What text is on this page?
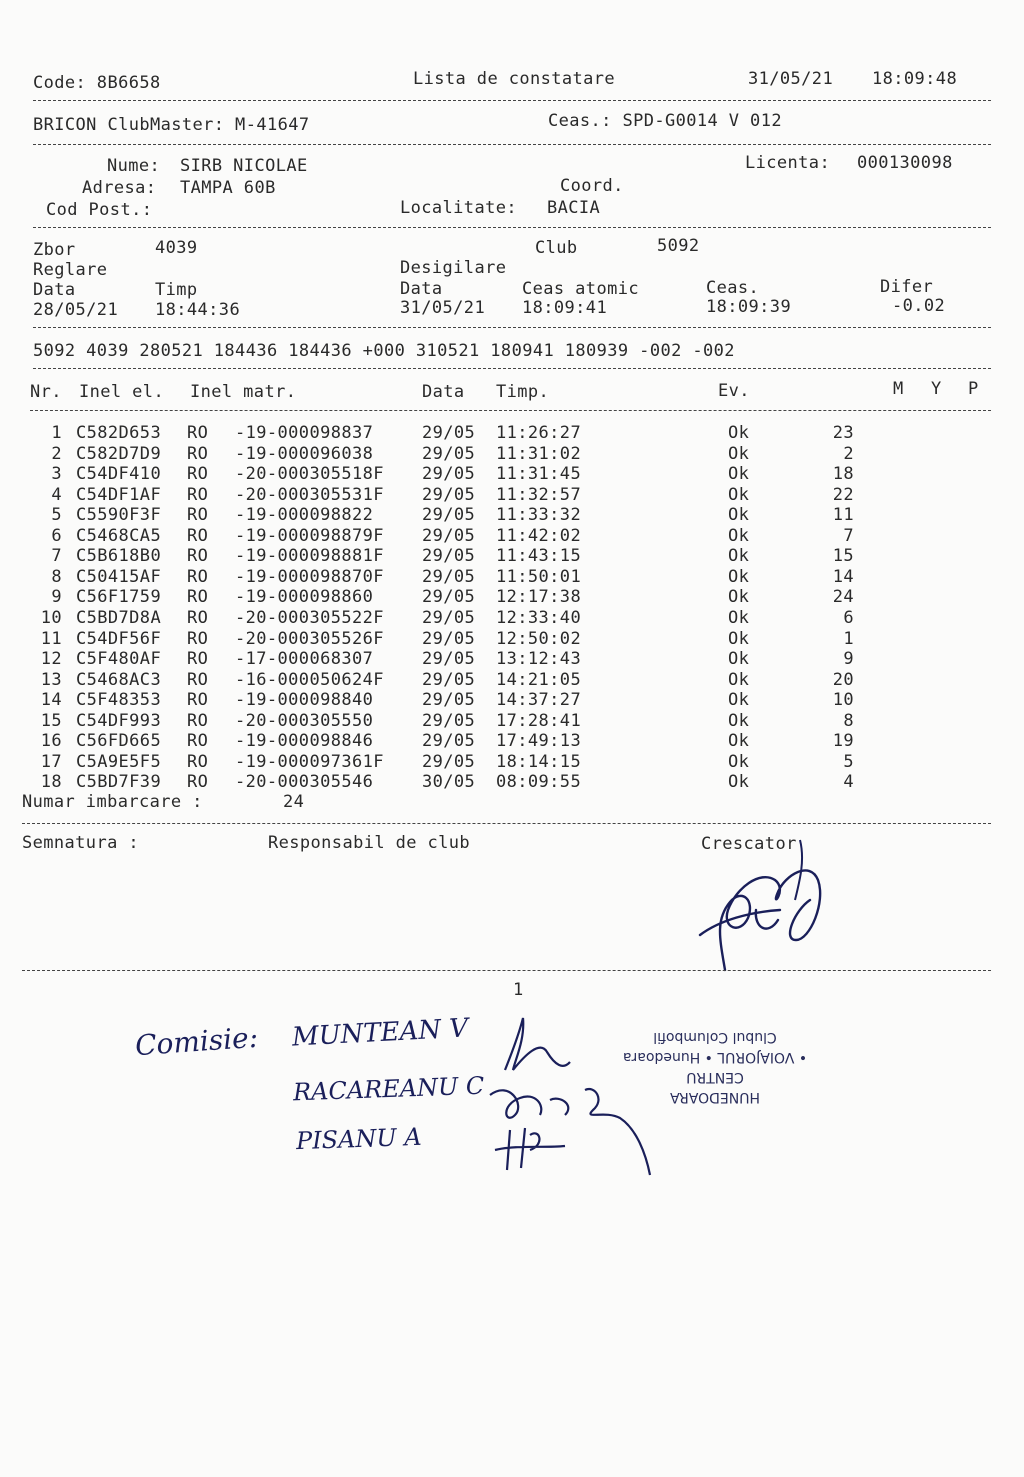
Code: 8B6658	Lista de constatare	31/05/21 18:09:48
BRICON ClubMaster: M-41647	Ceas.: SPD-G0014 V 012
Nume: SIRB NICOLAE	Licenta: 000130098
Adresa: TAMPA 60B	Coord.
Cod Post.:	Localitate: BACIA
Zbor	4039	Club	5092
Reglare	Desigilare
Data	Timp	Data	Ceas atomic	Ceas.	Difer
28/05/21 18:44:36	31/05/21 18:09:41	18:09:39	-0.02
5092 4039 280521 184436 184436 +000 310521 180941 180939 -002 -002
Nr. Inel el. Inel matr.	Data Timp.	Ev.	M Y P
1 C582D653 RO -19-000098837	29/05 11:26:27	Ok	23
2 C582D7D9 RO -19-000096038	29/05 11:31:02	Ok	2
3 C54DF410 RO -20-000305518F 29/05 11:31:45	Ok	18
4 C54DF1AF RO -20-000305531F 29/05 11:32:57	Ok	22
5 C5590F3F RO -19-000098822	29/05 11:33:32	Ok	11
6 C5468CA5 RO -19-000098879F 29/05 11:42:02	Ok	7
7 C5B618B0 RO -19-000098881F 29/05 11:43:15	Ok	15
8 C50415AF RO -19-000098870F 29/05 11:50:01	Ok	14
9 C56F1759 RO -19-000098860	29/05 12:17:38	Ok	24
10 C5BD7D8A RO -20-000305522F 29/05 12:33:40	Ok	6
11 C54DF56F RO -20-000305526F 29/05 12:50:02	Ok	1
12 C5F480AF RO -17-000068307	29/05 13:12:43	Ok	9
13 C5468AC3 RO -16-000050624F 29/05 14:21:05	Ok	20
14 C5F48353 RO -19-000098840	29/05 14:37:27	Ok	10
15 C54DF993 RO -20-000305550	29/05 17:28:41	Ok	8
16 C56FD665 RO -19-000098846	29/05 17:49:13	Ok	19
17 C5A9E5F5 RO -19-000097361F 29/05 18:14:15	Ok	5
18 C5BD7F39 RO -20-000305546	30/05 08:09:55	Ok	4
Numar imbarcare :	24
Semnatura :	Responsabil de club	Crescator
1
Comisie: MUNTEAN V
RACAREANU C
PISANU A
HUNEDOARA
CENTRU
• VOIAJORUL • Hunedoara
Clubul Columbofil
